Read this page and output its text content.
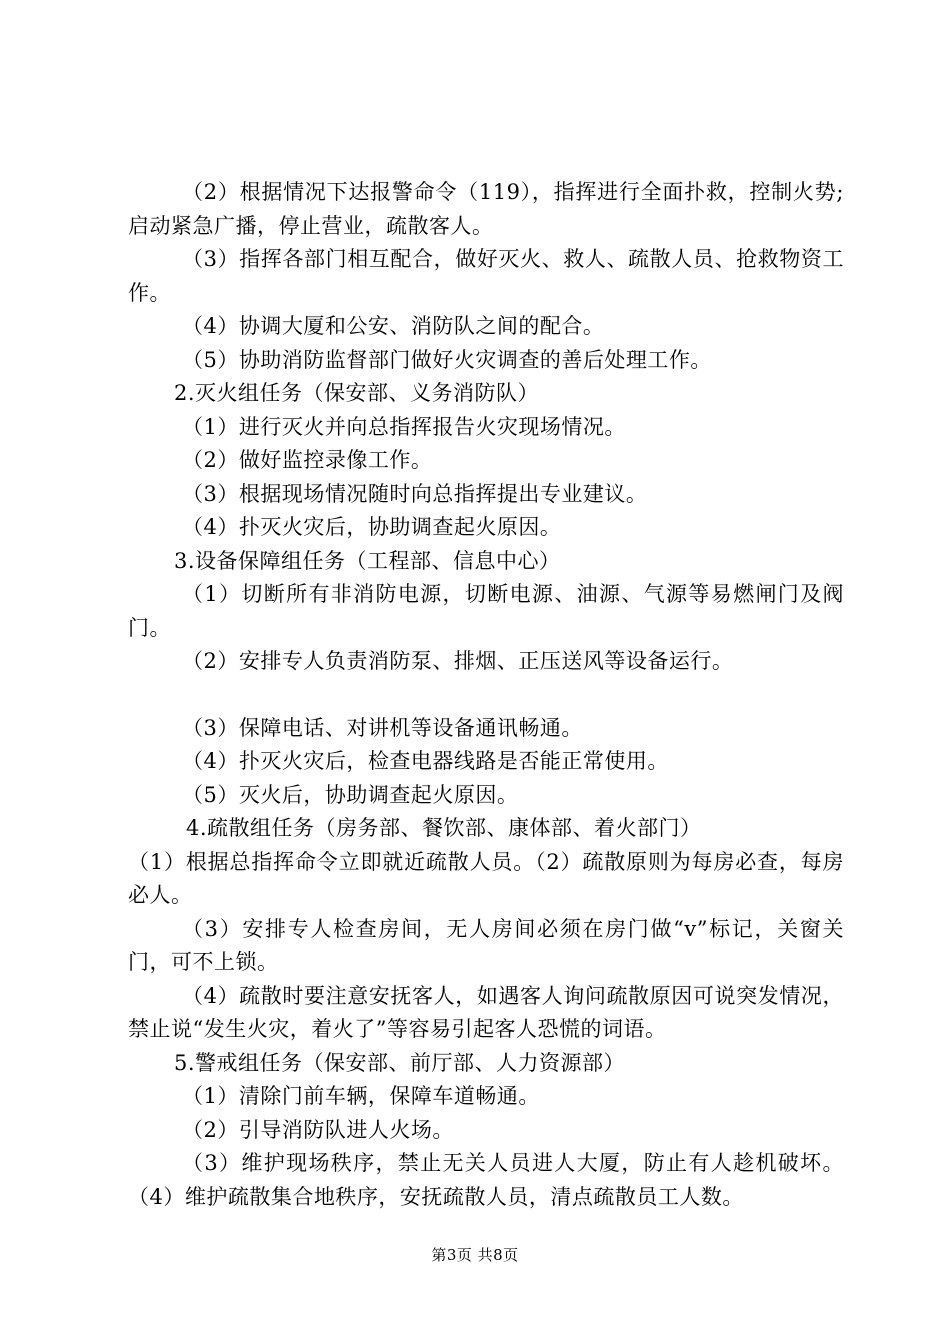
（2）根据情况下达报警命令（119），指挥进行全面扑救，控制火势;启动紧急广播，停止营业，疏散客人。

（3）指挥各部门相互配合，做好灭火、救人、疏散人员、抢救物资工作。

（4）协调大厦和公安、消防队之间的配合。

（5）协助消防监督部门做好火灾调查的善后处理工作。

2.灭火组任务（保安部、义务消防队）

（1）进行灭火并向总指挥报告火灾现场情况。

（2）做好监控录像工作。

（3）根据现场情况随时向总指挥提出专业建议。

（4）扑灭火灾后，协助调查起火原因。

3.设备保障组任务（工程部、信息中心）

（1）切断所有非消防电源，切断电源、油源、气源等易燃闸门及阀门。

（2）安排专人负责消防泵、排烟、正压送风等设备运行。

（3）保障电话、对讲机等设备通讯畅通。

（4）扑灭火灾后，检查电器线路是否能正常使用。

（5）灭火后，协助调查起火原因。

4.疏散组任务（房务部、餐饮部、康体部、着火部门）

（1）根据总指挥命令立即就近疏散人员。（2）疏散原则为每房必查，每房必人。

（3）安排专人检查房间，无人房间必须在房门做“v”标记，关窗关门，可不上锁。

（4）疏散时要注意安抚客人，如遇客人询问疏散原因可说突发情况，禁止说“发生火灾，着火了”等容易引起客人恐慌的词语。

5.警戒组任务（保安部、前厅部、人力资源部）

（1）清除门前车辆，保障车道畅通。

（2）引导消防队进人火场。

（3）维护现场秩序，禁止无关人员进人大厦，防止有人趁机破坏。（4）维护疏散集合地秩序，安抚疏散人员，清点疏散员工人数。

第3页 共8页
